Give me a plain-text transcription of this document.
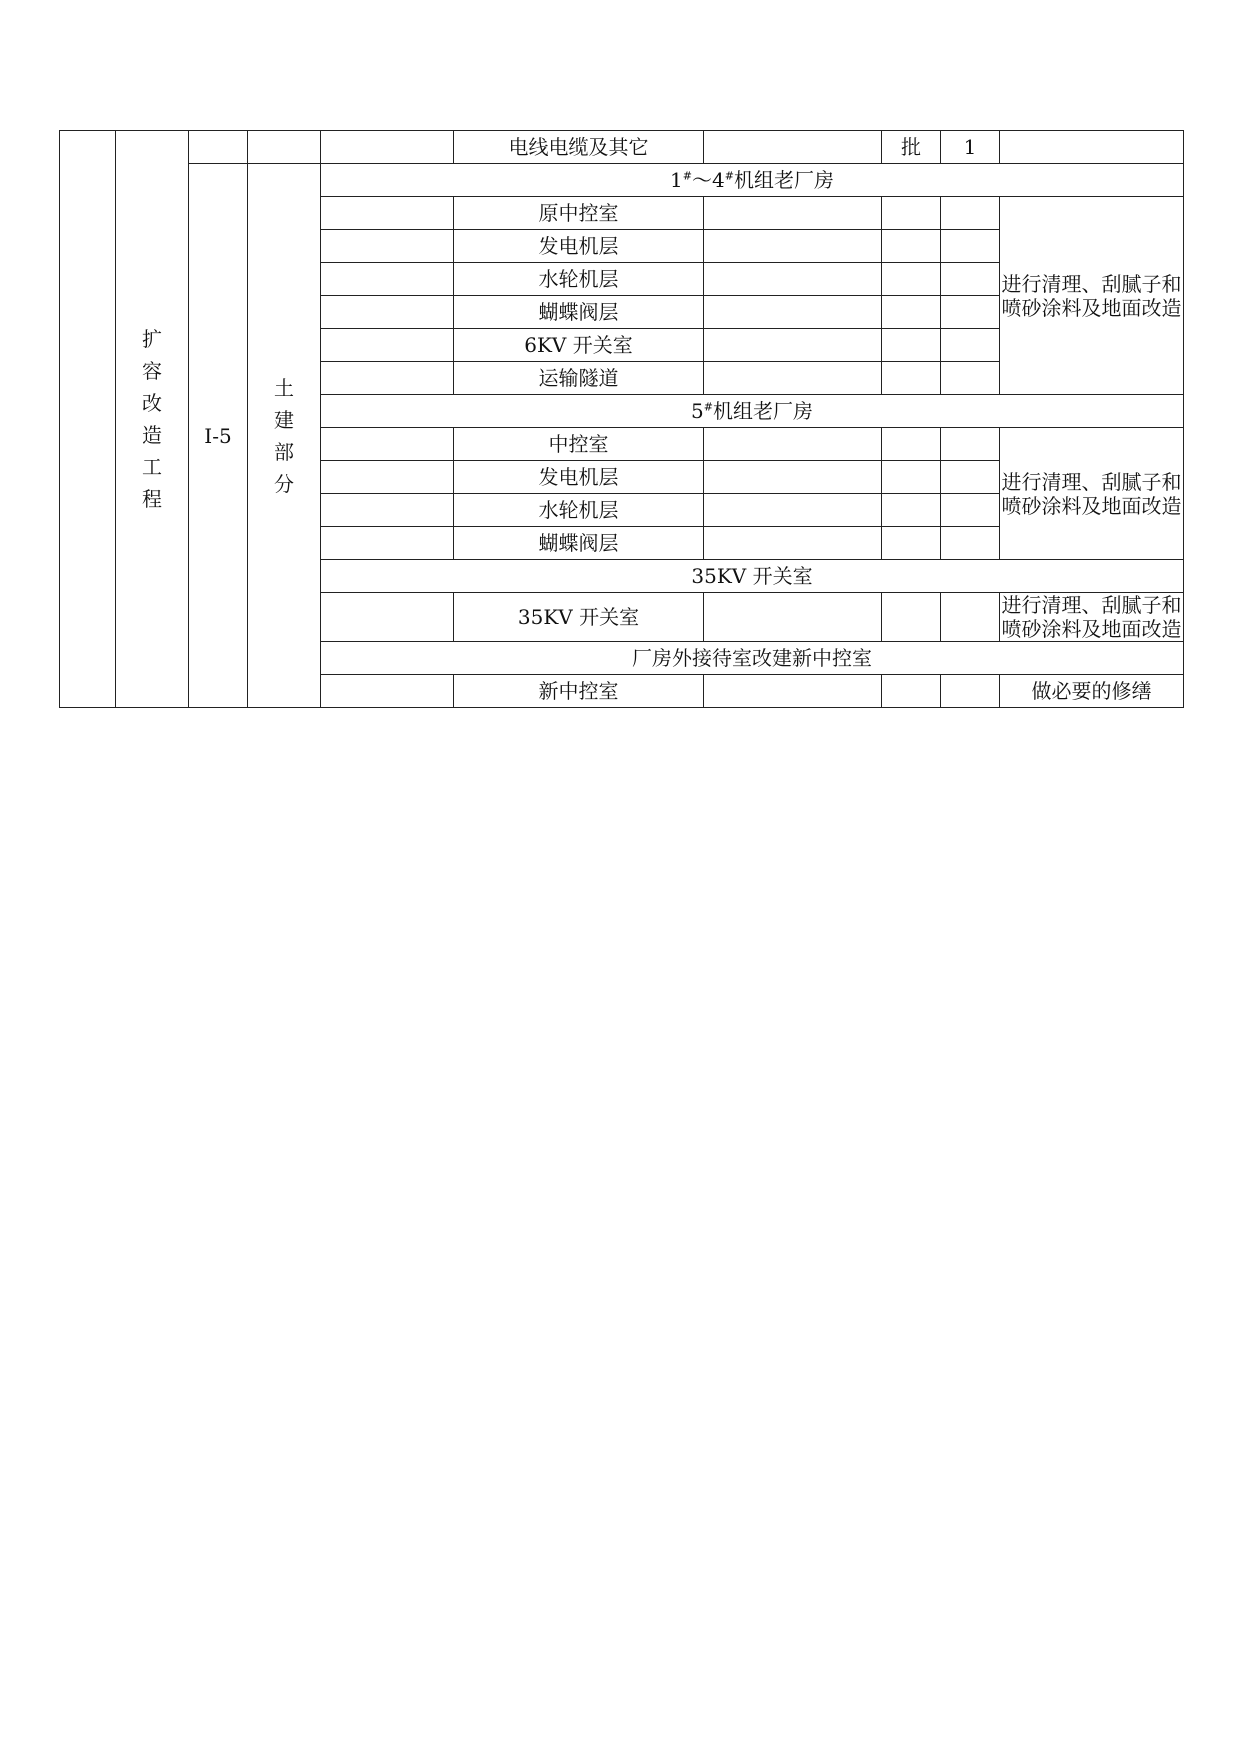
	扩容改造工程				电线电缆及其它		批	1	
		I-5	土建部分	1#～4#机组老厂房					
					原中控室				进行清理、刮腻子和喷砂涂料及地面改造
					发电机层				
					水轮机层				
					蝴蝶阀层				
					6KV 开关室				
					运输隧道				
				5#机组老厂房					
					中控室				进行清理、刮腻子和喷砂涂料及地面改造
					发电机层				
					水轮机层				
					蝴蝶阀层				
				35KV 开关室					
					35KV 开关室				进行清理、刮腻子和喷砂涂料及地面改造
				厂房外接待室改建新中控室					
					新中控室				做必要的修缮
